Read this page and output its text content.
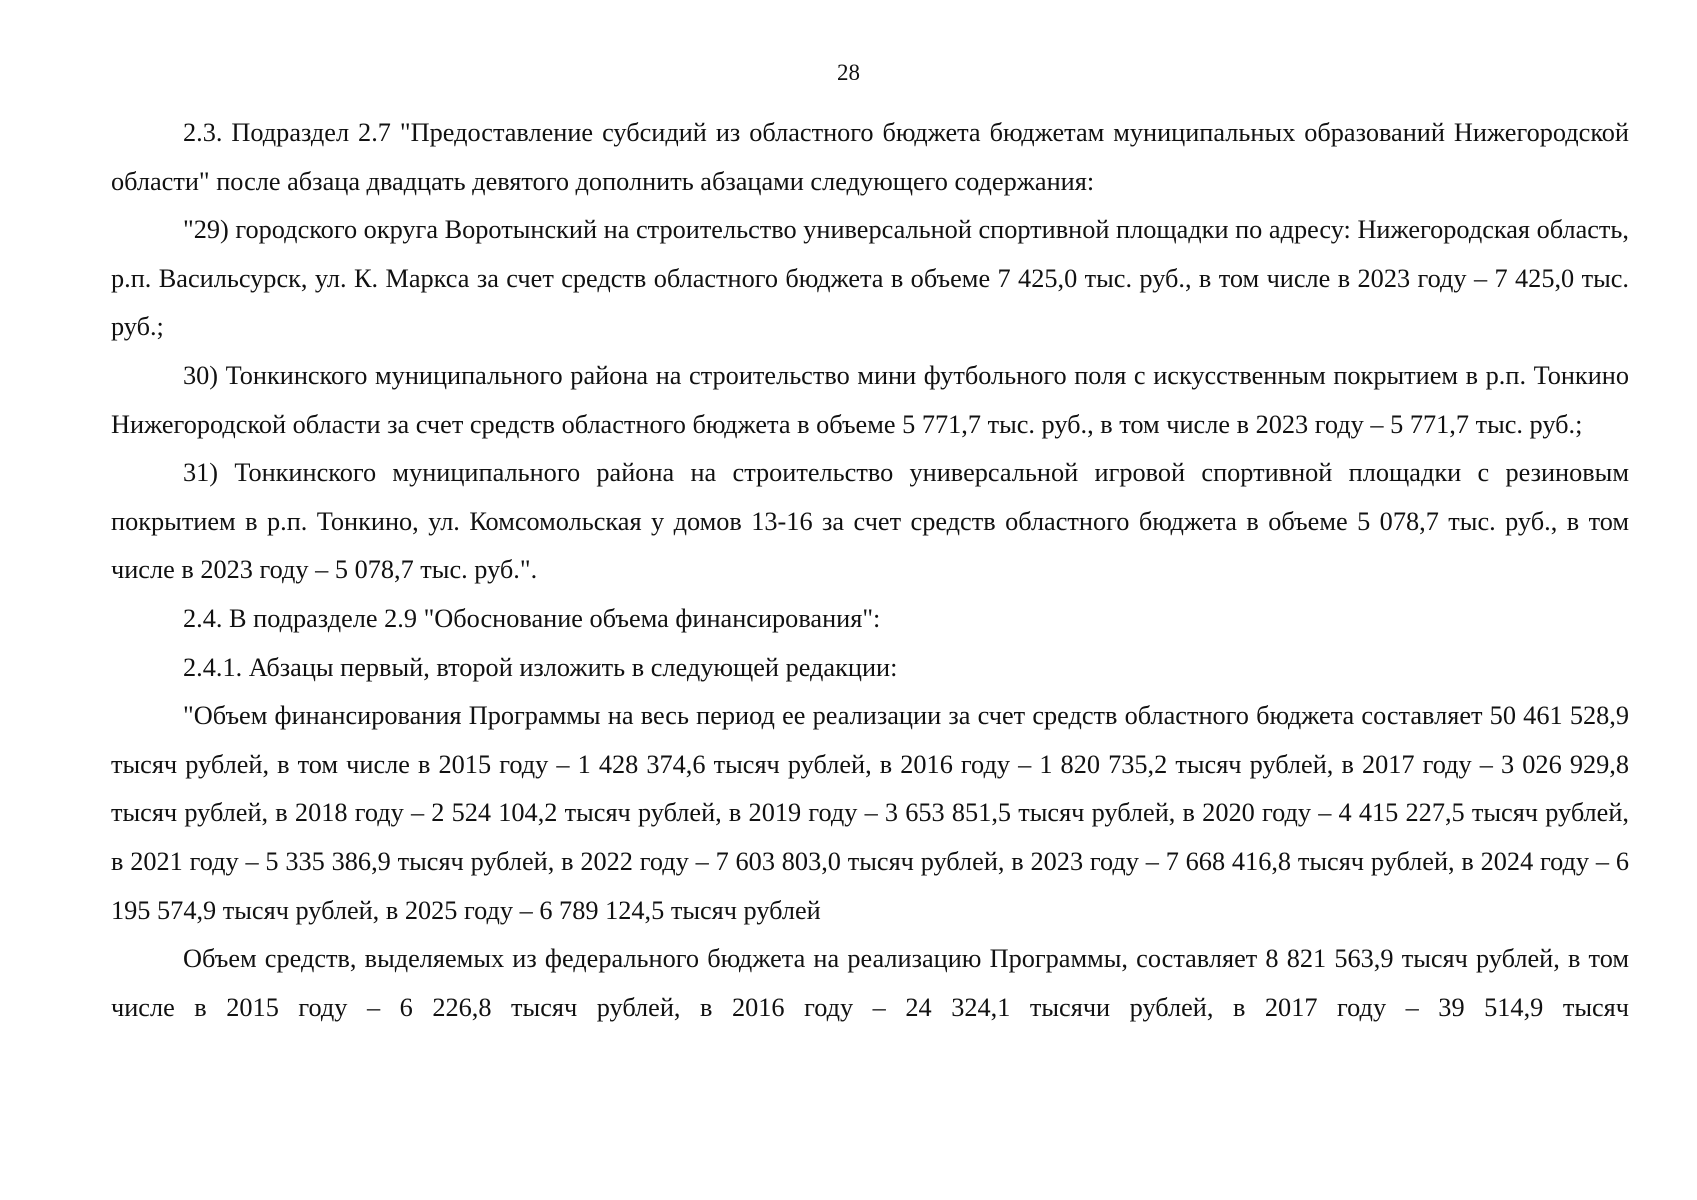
28

2.3. Подраздел 2.7 "Предоставление субсидий из областного бюджета бюджетам муниципальных образований Нижегородской области" после абзаца двадцать девятого дополнить абзацами следующего содержания:

"29) городского округа Воротынский на строительство универсальной спортивной площадки по адресу: Нижегородская область, р.п. Васильсурск, ул. К. Маркса за счет средств областного бюджета в объеме 7 425,0 тыс. руб., в том числе в 2023 году – 7 425,0 тыс. руб.;

30) Тонкинского муниципального района на строительство мини футбольного поля с искусственным покрытием в р.п. Тонкино Нижегородской области за счет средств областного бюджета в объеме 5 771,7 тыс. руб., в том числе в 2023 году – 5 771,7 тыс. руб.;

31) Тонкинского муниципального района на строительство универсальной игровой спортивной площадки с резиновым покрытием в р.п. Тонкино, ул. Комсомольская у домов 13-16 за счет средств областного бюджета в объеме 5 078,7 тыс. руб., в том числе в 2023 году – 5 078,7 тыс. руб.".

2.4. В подразделе 2.9 "Обоснование объема финансирования":

2.4.1. Абзацы первый, второй изложить в следующей редакции:

"Объем финансирования Программы на весь период ее реализации за счет средств областного бюджета составляет 50 461 528,9 тысяч рублей, в том числе в 2015 году – 1 428 374,6 тысяч рублей, в 2016 году – 1 820 735,2 тысяч рублей, в 2017 году – 3 026 929,8 тысяч рублей, в 2018 году – 2 524 104,2 тысяч рублей, в 2019 году – 3 653 851,5 тысяч рублей, в 2020 году – 4 415 227,5 тысяч рублей, в 2021 году – 5 335 386,9 тысяч рублей, в 2022 году – 7 603 803,0 тысяч рублей, в 2023 году – 7 668 416,8 тысяч рублей, в 2024 году – 6 195 574,9 тысяч рублей, в 2025 году – 6 789 124,5 тысяч рублей

Объем средств, выделяемых из федерального бюджета на реализацию Программы, составляет 8 821 563,9 тысяч рублей, в том числе в 2015 году – 6 226,8 тысяч рублей, в 2016 году – 24 324,1 тысячи рублей, в 2017 году – 39 514,9 тысяч
